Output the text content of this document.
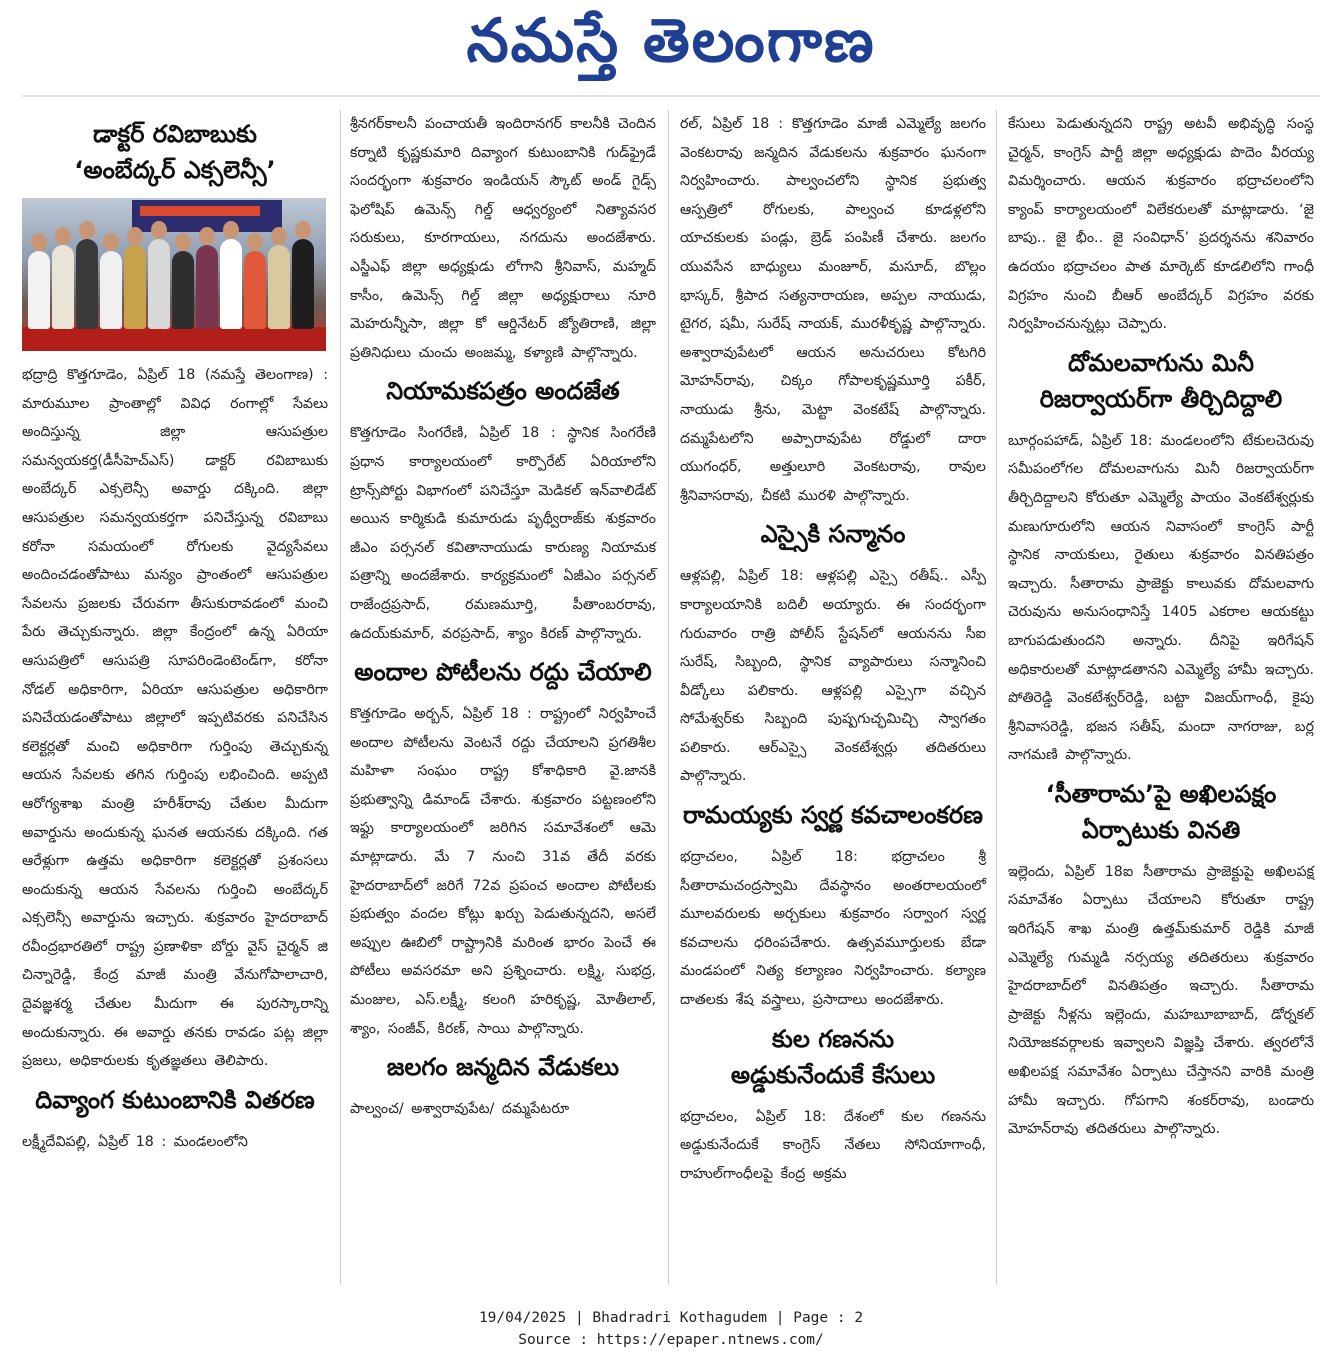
నమస్తే తెలంగాణ
డాక్టర్ రవిబాబుకు
‘అంబేద్కర్ ఎక్సలెన్సీ’

భద్రాద్రి కొత్తగూడెం, ఏప్రిల్ 18 (నమస్తే తెలంగాణ) : మారుమూల ప్రాంతాల్లో వివిధ రంగాల్లో సేవలు అందిస్తున్న జిల్లా ఆసుపత్రుల సమన్వయకర్త(డీసీహెచ్‌ఎస్) డాక్టర్ రవిబాబుకు అంబేద్కర్ ఎక్సలెన్సీ అవార్డు దక్కింది. జిల్లా ఆసుపత్రుల సమన్వయకర్తగా పనిచేస్తున్న రవిబాబు కరోనా సమయంలో రోగులకు వైద్యసేవలు అందించడంతోపాటు మన్యం ప్రాంతంలో ఆసుపత్రుల సేవలను ప్రజలకు చేరువగా తీసుకురావడంలో మంచి పేరు తెచ్చుకున్నారు. జిల్లా కేంద్రంలో ఉన్న ఏరియా ఆసుపత్రిలో ఆసుపత్రి సూపరిండెంటెండ్‌గా, కరోనా నోడల్ అధికారిగా, ఏరియా ఆసుపత్రుల అధికారిగా పనిచేయడంతోపాటు జిల్లాలో ఇప్పటివరకు పనిచేసిన కలెక్టర్లతో మంచి అధికారిగా గుర్తింపు తెచ్చుకున్న ఆయన సేవలకు తగిన గుర్తింపు లభించింది. అప్పటి ఆరోగ్యశాఖ మంత్రి హరీశ్‌రావు చేతుల మీదుగా అవార్డును అందుకున్న ఘనత ఆయనకు దక్కింది. గత ఆరేళ్లుగా ఉత్తమ అధికారిగా కలెక్టర్లతో ప్రశంసలు అందుకున్న ఆయన సేవలను గుర్తించి అంబేద్కర్ ఎక్సలెన్సీ అవార్డును ఇచ్చారు. శుక్రవారం హైదరాబాద్ రవీంద్రభారతిలో రాష్ట్ర ప్రణాళికా బోర్డు వైస్ చైర్మన్ జి చిన్నారెడ్డి, కేంద్ర మాజీ మంత్రి వేనుగోపాలాచారి, దైవజ్ఞశర్మ చేతుల మీదుగా ఈ పురస్కారాన్ని అందుకున్నారు. ఈ అవార్డు తనకు రావడం పట్ల జిల్లా ప్రజలు, అధికారులకు కృతజ్ఞతలు తెలిపారు.

దివ్యాంగ కుటుంబానికి వితరణ

లక్ష్మీదేవిపల్లి, ఏప్రిల్ 18 : మండలంలోని

శ్రీనగర్‌కాలనీ పంచాయతీ ఇందిరానగర్ కాలనీకి చెందిన కర్నాటి కృష్ణకుమారి దివ్యాంగ కుటుంబానికి గుడ్‌ఫ్రైడే సందర్భంగా శుక్రవారం ఇండియన్ స్కౌట్ అండ్ గైడ్స్ ఫెలోషిప్ ఉమెన్స్ గిల్డ్ ఆధ్వర్యంలో నిత్యావసర సరుకులు, కూరగాయలు, నగదును అందజేశారు. ఎస్జీఎఫ్ జిల్లా అధ్యక్షుడు లోగాని శ్రీనివాస్, మహ్మద్ కాసీం, ఉమెన్స్ గిల్డ్ జిల్లా అధ్యక్షురాలు నూరి మెహరున్నీసా, జిల్లా కో ఆర్డినేటర్ జ్యోతిరాణి, జిల్లా ప్రతినిధులు చుంచు అంజమ్మ, కళ్యాణి పాల్గొన్నారు.

నియామకపత్రం అందజేత

కొత్తగూడెం సింగరేణి, ఏప్రిల్ 18 : స్థానిక సింగరేణి ప్రధాన కార్యాలయంలో కార్పొరేట్ ఏరియాలోని ట్రాన్స్‌పోర్టు విభాగంలో పనిచేస్తూ మెడికల్ ఇన్‌వాలిడేట్ అయిన కార్మికుడి కుమారుడు పృథ్వీరాజ్‌కు శుక్రవారం జీఎం పర్సనల్ కవితానాయుడు కారుణ్య నియామక పత్రాన్ని అందజేశారు. కార్యక్రమంలో ఏజీఎం పర్సనల్ రాజేంద్రప్రసాద్, రమణమూర్తి, పీతాంబరరావు, ఉదయ్‌కుమార్, వరప్రసాద్, శ్యాం కిరణ్ పాల్గొన్నారు.

అందాల పోటీలను రద్దు చేయాలి

కొత్తగూడెం అర్బన్, ఏప్రిల్ 18 : రాష్ట్రంలో నిర్వహించే అందాల పోటీలను వెంటనే రద్దు చేయాలని ప్రగతిశీల మహిళా సంఘం రాష్ట్ర కోశాధికారి వై.జానకి ప్రభుత్వాన్ని డిమాండ్ చేశారు. శుక్రవారం పట్టణంలోని ఇఫ్టు కార్యాలయంలో జరిగిన సమావేశంలో ఆమె మాట్లాడారు. మే 7 నుంచి 31వ తేదీ వరకు హైదరాబాద్‌లో జరిగే 72వ ప్రపంచ అందాల పోటీలకు ప్రభుత్వం వందల కోట్లు ఖర్చు పెడుతున్నదని, అసలే అప్పుల ఊబిలో రాష్ట్రానికి మరింత భారం పెంచే ఈ పోటీలు అవసరమా అని ప్రశ్నించారు. లక్ష్మి, సుభద్ర, మంజుల, ఎస్.లక్ష్మీ, కలంగి హరికృష్ణ, మోతీలాల్, శ్యాం, సంజీవ్, కిరణ్, సాయి పాల్గొన్నారు.

జలగం జన్మదిన వేడుకలు

పాల్వంచ/ అశ్వారావుపేట/ దమ్మపేటరూ

రల్, ఏప్రిల్ 18 : కొత్తగూడెం మాజీ ఎమ్మెల్యే జలగం వెంకటరావు జన్మదిన వేడుకలను శుక్రవారం ఘనంగా నిర్వహించారు. పాల్వంచలోని స్థానిక ప్రభుత్వ ఆస్పత్రిలో రోగులకు, పాల్వంచ కూడళ్లలోని యాచకులకు పండ్లు, బ్రెడ్ పంపిణీ చేశారు. జలగం యువసేన బాధ్యులు మంజూర్, మసూద్, బొల్లం భాస్కర్, శ్రీపాద సత్యనారాయణ, అప్పల నాయుడు, టైగర, షమీ, సురేష్ నాయక్, మురళీకృష్ణ పాల్గొన్నారు. అశ్వారావుపేటలో ఆయన అనుచరులు కోటగిరి మోహన్‌రావు, చిక్కం గోపాలకృష్ణమూర్తి పకీర్, నాయుడు శ్రీను, మెట్టా వెంకటేష్ పాల్గొన్నారు. దమ్మపేటలోని అప్పారావుపేట రోడ్డులో దారా యుగంధర్, అత్తులూరి వెంకటరావు, రావుల శ్రీనివాసరావు, చీకటి మురళి పాల్గొన్నారు.

ఎస్సైకి సన్మానం

ఆళ్లపల్లి, ఏప్రిల్ 18: ఆళ్లపల్లి ఎస్సై రతీష్.. ఎస్పీ కార్యాలయానికి బదిలీ అయ్యారు. ఈ సందర్భంగా గురువారం రాత్రి పోలీస్ స్టేషన్‌లో ఆయనను సీఐ సురేష్, సిబ్బంది, స్థానిక వ్యాపారులు సన్మానించి వీడ్కోలు పలికారు. ఆళ్లపల్లి ఎస్సైగా వచ్చిన సోమేశ్వర్‌కు సిబ్బంది పుష్పగుచ్ఛమిచ్చి స్వాగతం పలికారు. ఆర్ఎస్సై వెంకటేశ్వర్లు తదితరులు పాల్గొన్నారు.

రామయ్యకు స్వర్ణ కవచాలంకరణ

భద్రాచలం, ఏప్రిల్ 18: భద్రాచలం శ్రీ సీతారామచంద్రస్వామి దేవస్థానం అంతరాలయంలో మూలవరులకు అర్చకులు శుక్రవారం సర్వాంగ స్వర్ణ కవచాలను ధరింపచేశారు. ఉత్సవమూర్తులకు బేడా మండపంలో నిత్య కల్యాణం నిర్వహించారు. కల్యాణ దాతలకు శేష వస్త్రాలు, ప్రసాదాలు అందజేశారు.

కుల గణనను
అడ్డుకునేందుకే కేసులు

భద్రాచలం, ఏప్రిల్ 18: దేశంలో కుల గణనను అడ్డుకునేందుకే కాంగ్రెస్ నేతలు సోనియాగాంధీ, రాహుల్‌గాంధీలపై కేంద్ర అక్రమ

కేసులు పెడుతున్నదని రాష్ట్ర అటవీ అభివృద్ధి సంస్థ చైర్మన్, కాంగ్రెస్ పార్టీ జిల్లా అధ్యక్షుడు పొదెం వీరయ్య విమర్శించారు. ఆయన శుక్రవారం భద్రాచలంలోని క్యాంప్ కార్యాలయంలో విలేకరులతో మాట్లాడారు. ‘జై బాపు.. జై భీం.. జై సంవిధాన్’ ప్రదర్శనను శనివారం ఉదయం భద్రాచలం పాత మార్కెట్ కూడలిలోని గాంధీ విగ్రహం నుంచి బీఆర్ అంబేద్కర్ విగ్రహం వరకు నిర్వహించనున్నట్లు చెప్పారు.

దోమలవాగును మినీ
రిజర్వాయర్‌గా తీర్చిదిద్దాలి

బూర్గంపహాడ్, ఏప్రిల్ 18: మండలంలోని టేకులచెరువు సమీపంలోగల దోమలవాగును మినీ రిజర్వాయర్‌గా తీర్చిదిద్దాలని కోరుతూ ఎమ్మెల్యే పాయం వెంకటేశ్వర్లుకు మణుగూరులోని ఆయన నివాసంలో కాంగ్రెస్ పార్టీ స్థానిక నాయకులు, రైతులు శుక్రవారం వినతిపత్రం ఇచ్చారు. సీతారామ ప్రాజెక్టు కాలువకు దోమలవాగు చెరువును అనుసంధానిస్తే 1405 ఎకరాల ఆయకట్టు బాగుపడుతుందని అన్నారు. దీనిపై ఇరిగేషన్ అధికారులతో మాట్లాడతానని ఎమ్మెల్యే హామీ ఇచ్చారు. పోతిరెడ్డి వెంకటేశ్వర్‌రెడ్డి, బట్టా విజయ్‌గాంధీ, కైపు శ్రీనివాసరెడ్డి, భజన సతీష్, మందా నాగరాజు, బర్ల నాగమణి పాల్గొన్నారు.

‘సీతారామ’పై అఖిలపక్షం
ఏర్పాటుకు వినతి

ఇల్లెందు, ఏప్రిల్ 18ఐ సీతారామ ప్రాజెక్టుపై అఖిలపక్ష సమావేశం ఏర్పాటు చేయాలని కోరుతూ రాష్ట్ర ఇరిగేషన్ శాఖ మంత్రి ఉత్తమ్‌కుమార్ రెడ్డికి మాజీ ఎమ్మెల్యే గుమ్మడి నర్సయ్య తదితరులు శుక్రవారం హైదరాబాద్‌లో వినతిపత్రం ఇచ్చారు. సీతారామ ప్రాజెక్టు నీళ్లను ఇల్లెందు, మహబూబాబాద్, డోర్నకల్ నియోజకవర్గాలకు ఇవ్వాలని విజ్ఞప్తి చేశారు. త్వరలోనే అఖిలపక్ష సమావేశం ఏర్పాటు చేస్తానని వారికి మంత్రి హామీ ఇచ్చారు. గోపగాని శంకర్‌రావు, బండారు మోహన్‌రావు తదితరులు పాల్గొన్నారు.

19/04/2025 | Bhadradri Kothagudem | Page : 2
Source : https://epaper.ntnews.com/
